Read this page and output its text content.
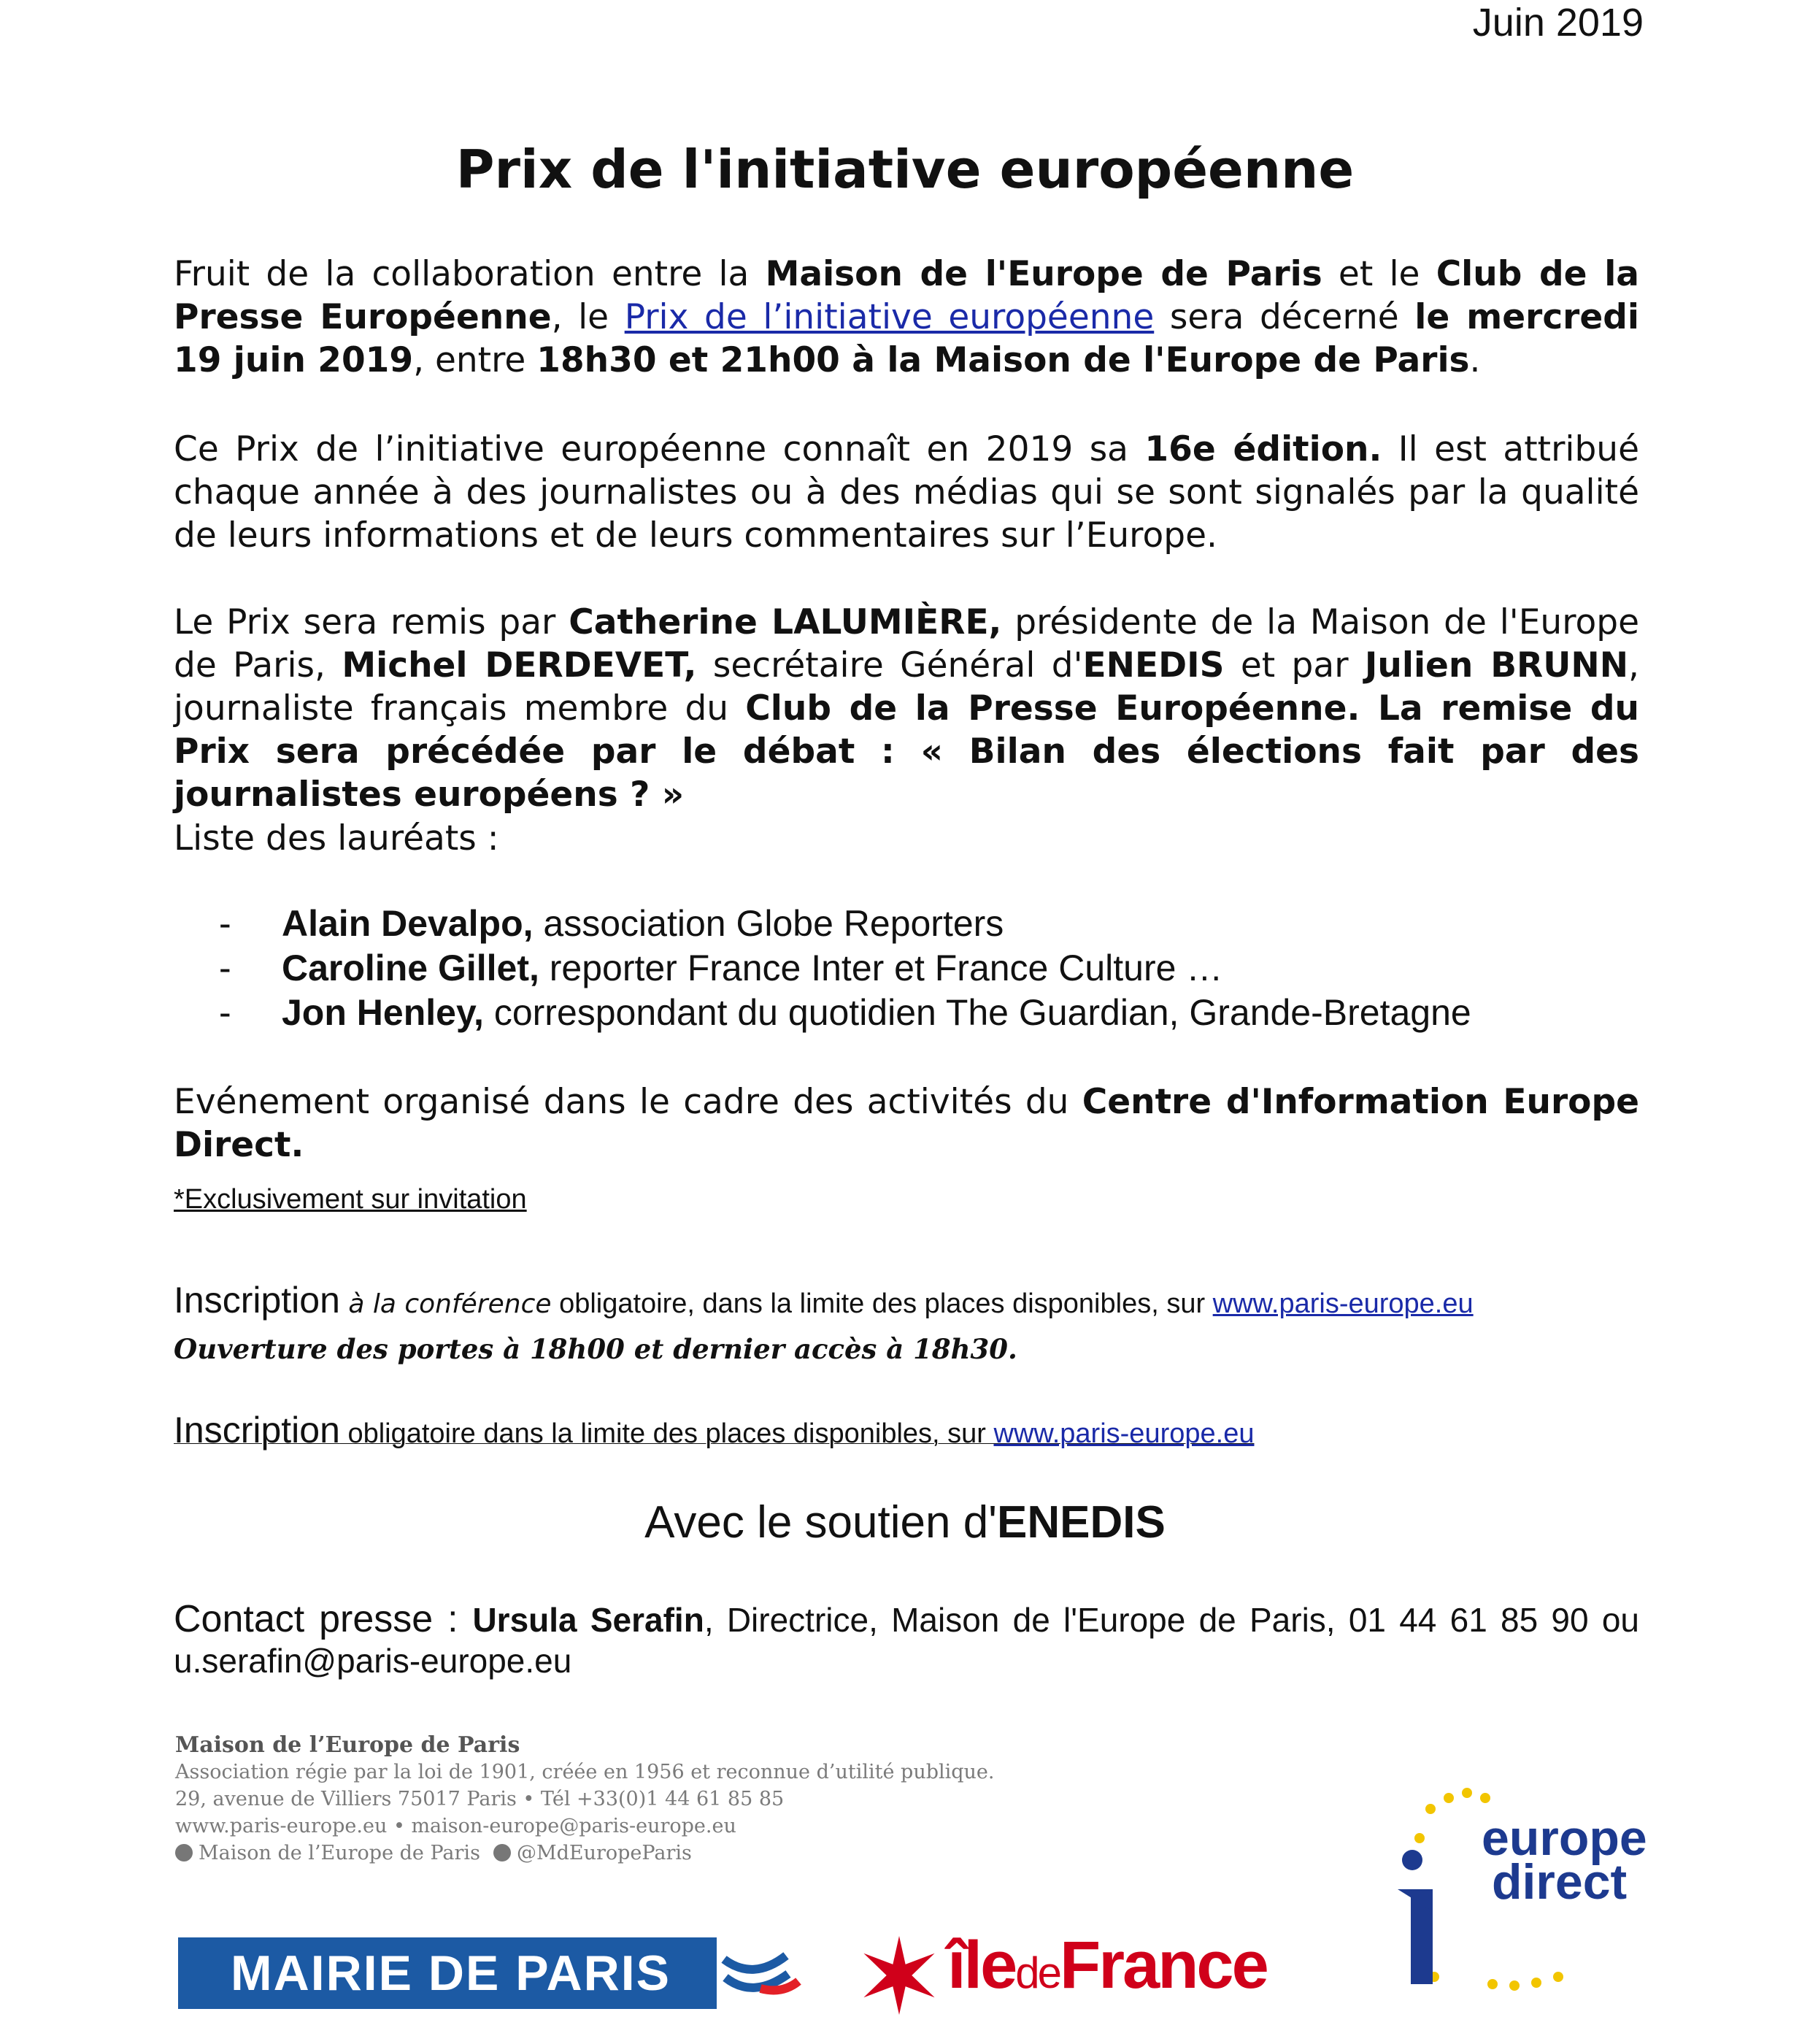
Juin 2019
Prix de l'initiative européenne
Fruit de la collaboration entre la Maison de l'Europe de Paris et le Club de la Presse Européenne, le Prix de l’initiative européenne sera décerné le mercredi 19 juin 2019, entre 18h30 et 21h00 à la Maison de l'Europe de Paris.
Ce Prix de l’initiative européenne connaît en 2019 sa 16e édition. Il est attribué chaque année à des journalistes ou à des médias qui se sont signalés par la qualité de leurs informations et de leurs commentaires sur l’Europe.
Le Prix sera remis par Catherine LALUMIÈRE, présidente de la Maison de l'Europe de Paris, Michel DERDEVET, secrétaire Général d'ENEDIS et par Julien BRUNN, journaliste français membre du Club de la Presse Européenne. La remise du Prix sera précédée par le débat : « Bilan des élections fait par des journalistes européens ? »
Liste des lauréats :
- Alain Devalpo, association Globe Reporters
- Caroline Gillet, reporter France Inter et France Culture …
- Jon Henley, correspondant du quotidien The Guardian, Grande-Bretagne
Evénement organisé dans le cadre des activités du Centre d'Information Europe Direct.
*Exclusivement sur invitation
Inscription à la conférence obligatoire, dans la limite des places disponibles, sur www.paris-europe.eu
Ouverture des portes à 18h00 et dernier accès à 18h30.
Inscription obligatoire dans la limite des places disponibles, sur www.paris-europe.eu
Avec le soutien d'ENEDIS
Contact presse : Ursula Serafin, Directrice, Maison de l'Europe de Paris, 01 44 61 85 90 ou u.serafin@paris-europe.eu
Maison de l’Europe de Paris
Association régie par la loi de 1901, créée en 1956 et reconnue d’utilité publique.
29, avenue de Villiers 75017 Paris • Tél +33(0)1 44 61 85 85
www.paris-europe.eu • maison-europe@paris-europe.eu
Maison de l’Europe de Paris @MdEuropeParis
MAIRIE DE PARIS	îledeFrance
europe
direct
